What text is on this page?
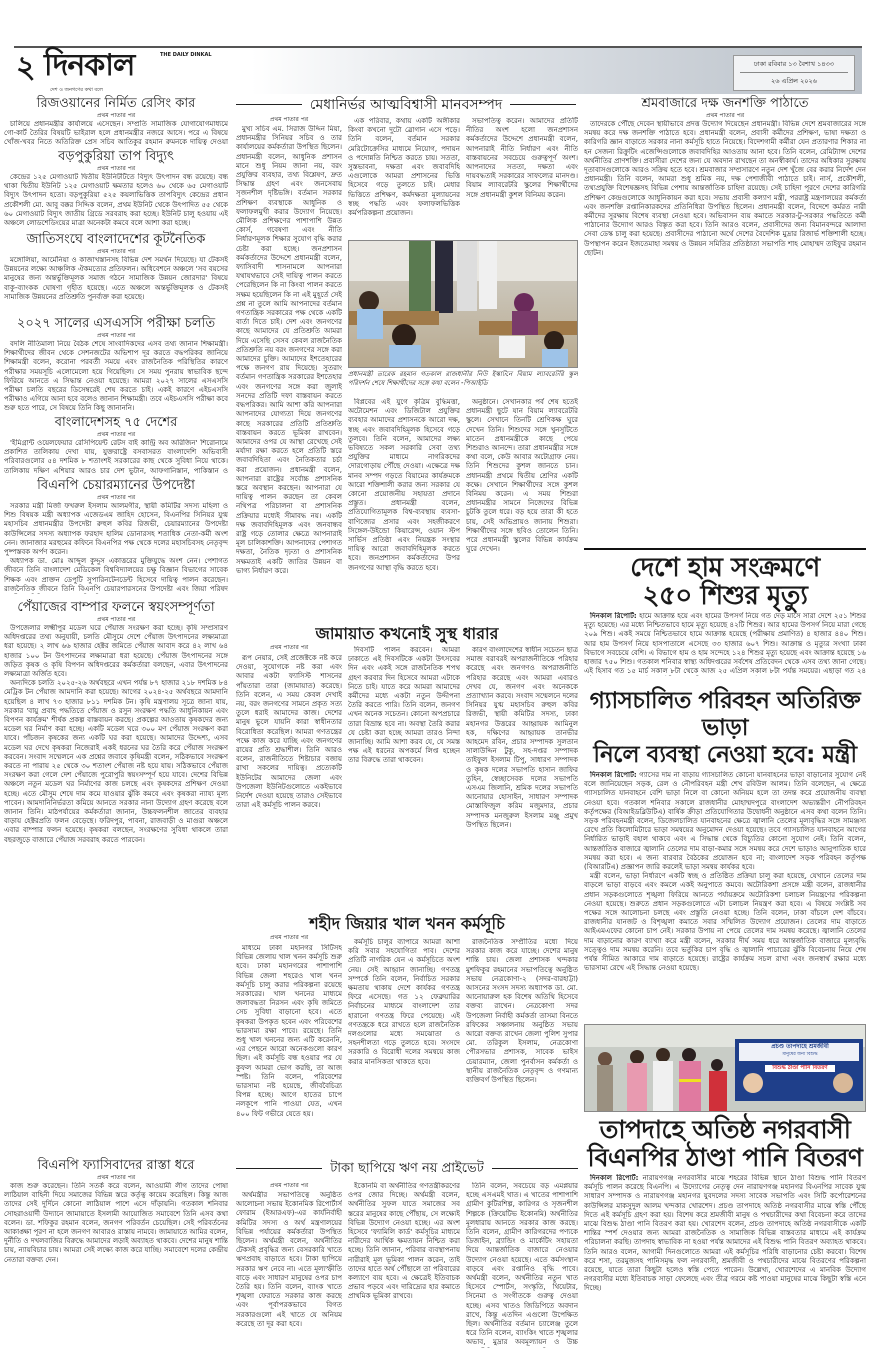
২ দিনকাল	THE DAILY DINKAL
দেশ ও জনগণের কথা বলে
ঢাকা রবিবার ১৩ বৈশাখ ১৪৩৩
২৬ এপ্রিল ২০২৬
রিজওয়ানের নির্মিত রেসিং কার
প্রথম পাতার পর

চালিয়ে প্রধানমন্ত্রীর কার্যালয়ে এসেছেন। সম্প্রতি সামাজিক যোগাযোগমাধ্যমে গো-কার্ট তৈরির বিষয়টি ভাইরাল হলে প্রধানমন্ত্রীর নজরে আসে। পরে এ বিষয়ে খোঁজ-খবর নিতে অতিরিক্ত প্রেস সচিব আতিকুর রহমান রুমনকে দায়িত্ব দেওয়া

বড়পুকুরিয়া তাপ বিদ্যুৎ
প্রথম পাতার পর

কেন্দ্রের ১২৫ মেগাওয়াট দ্বিতীয় ইউনিটটিতে বিদ্যুৎ উৎপাদন বন্ধ রয়েছে। বন্ধ থাকা দ্বিতীয় ইউনিট ১২৫ মেগাওয়াট ক্ষমতার হলেও ৬০ থেকে ৬৫ মেগাওয়াট বিদ্যুৎ উৎপাদন হতো। বড়পুকুরিয়া ৫২৫ কয়লাভিত্তিক তাপবিদ্যুৎ কেন্দ্রের প্রধান প্রকৌশলী মো. আবু বক্কর সিদ্দিক বলেন, প্রথম ইউনিট থেকে উৎপাদিত ৫৫ থেকে ৬০ মেগাওয়াট বিদ্যুৎ জাতীয় গ্রিডে সরবরাহ করা হচ্ছে। ইউনিট চালু হওয়ায় এই অঞ্চলে লোডশেডিংয়ের মাত্রা অনেকটা কমবে বলে আশা করা হচ্ছে।

জাতিসংঘে বাংলাদেশের কূটনৈতিক
প্রথম পাতার পর

মঙ্গোলিয়া, আর্মেনিয়া ও কাজাখস্তানসহ বিভিন্ন দেশ সমর্থন দিয়েছে। যা টেকসই উন্নয়নের লক্ষ্যে আঞ্চলিক ঐকমত্যের প্রতিফলন। অধিবেশনে অঞ্চলে 'সব বয়সের মানুষের জন্য অন্তর্ভুক্তিমূলক সমাজ গঠনে সামাজিক উন্নয়ন জোরদার' বিষয়ে বাকু-ব্যাংকক ঘোষণা গৃহীত হয়েছে। এতে অঞ্চলে অন্তর্ভুক্তিমূলক ও টেকসই সামাজিক উন্নয়নের প্রতিশ্রুতি পুনর্ব্যক্ত করা হয়েছে।

২০২৭ সালের এসএসসি পরীক্ষা চলতি
প্রথম পাতার পর

বদলি নীতিমালা নিয়ে বৈঠক শেষে সাংবাদিকদের এসব তথ্য জানান শিক্ষামন্ত্রী। শিক্ষার্থীদের জীবন থেকে সেশনজটের অভিশাপ দূর করতে বদ্ধপরিকর জানিয়ে শিক্ষামন্ত্রী বলেন, করোনা পরবর্তী সময়ে এবং রাজনৈতিক পরিস্থিতির কারণে পরীক্ষার সময়সূচি এলোমেলো হয়ে গিয়েছিল। সে সময় পুনরায় স্বাভাবিক ছন্দে ফিরিয়ে আনতে এ সিদ্ধান্ত নেওয়া হয়েছে। আমরা ২০২৭ সালের এসএসসি পরীক্ষা চলতি বছরের ডিসেম্বরেই শেষ করতে চাই। একই কারণে এইচএসসি পরীক্ষাও এগিয়ে আনা হবে বলেও জানান শিক্ষামন্ত্রী। তবে এইচএসসি পরীক্ষা কবে শুরু হতে পারে, সে বিষয়ে তিনি কিছু জানাননি।

বাংলাদেশসহ ৭৫ দেশের
প্রথম পাতার পর

'ইমিগ্রান্ট ওয়েলফেয়ার রেসিপিয়েন্ট রেটস বাই কান্ট্রি অব অরিজিন' শিরোনামে প্রকাশিত তালিকায় দেখা যায়, যুক্তরাষ্ট্রে বসবাসরত বাংলাদেশি অভিবাসী পরিবারগুলোর ৫৪ দশমিক ৮ শতাংশই সরকারের কাছ থেকে সুবিধা নিয়ে থাকে। তালিকায় দক্ষিণ এশিয়ার আরও চার দেশ ভুটান, আফগানিস্তান, পাকিস্তান ও

বিএনপি চেয়ারম্যানের উপদেষ্টা
প্রথম পাতার পর

সরকার মন্ত্রী মির্জা ফখরুল ইসলাম আলমগীর, স্থায়ী কমিটির সদস্য মহিলা ও শিশু বিষয়ক মন্ত্রী অধ্যাপক এজেডএম জাহিদ হোসেন, বিএনপির সিনিয়র যুগ্ম মহাসচিব প্রধানমন্ত্রীর উপদেষ্টা রুহুল কবির রিজভী, চেয়ারম্যানের উপদেষ্টা কাউন্সিলের সদস্য অধ্যাপক ফরহাদ হালিম ডোনারসহ শতাধিক নেতা-কর্মী অংশ নেন। জানাজার মরহুমের কফিনে বিএনপির পক্ষ থেকে দলের মহাসচিবসহ নেতৃবৃন্দ পুষ্পস্তবক অর্পণ করেন।

অধ্যাপক ডা. মোঃ আব্দুল কুদ্দুস একাত্তরের মুক্তিযুদ্ধে অংশ নেন। পেশাগত জীবনে তিনি বাংলাদেশ মেডিকেল বিশ্ববিদ্যালয়ের চক্ষু বিজ্ঞান বিভাগের সাবেক শিক্ষক এবং প্রাক্তন ডেপুটি সুপারিনটেনডেন্ট হিসেবে দায়িত্ব পালন করেছেন। রাজনৈতিক জীবনে তিনি বিএনপি চেয়ারপারসনের উপদেষ্টা এবং জিয়া পরিষদ

পেঁয়াজের বাম্পার ফলনে স্বয়ংসম্পূর্ণতা
প্রথম পাতার পর

উপজেলার লক্ষ্মীপুর মডেল ঘরে পেঁয়াজ সংরক্ষণ করা হচ্ছে। কৃষি সম্প্রসারণ অধিদপ্তরের তথ্য অনুযায়ী, চলতি মৌসুমে দেশে পেঁয়াজ উৎপাদনের লক্ষ্যমাত্রা ধরা হয়েছে। ২ লাখ ৬৬ হাজার হেক্টর জমিতে পেঁয়াজ আবাদ করে ৪২ লাখ ৬৪ হাজার ১০০ টন উৎপাদনের লক্ষ্যমাত্রা ধরা হয়েছে। পেঁয়াজ উৎপাদনের সঙ্গে জড়িত কৃষক ও কৃষি বিপণন অধিদপ্তরের কর্মকর্তারা বলছেন, এবার উৎপাদনের লক্ষ্যমাত্রা অর্জিত হবে।

অন্যদিকে চলতি ২০২৫-২৬ অর্থবছরে এখন পর্যন্ত ৮৭ হাজার ২১৮ দশমিক ৮৪ মেট্রিক টন পেঁয়াজ আমদানি করা হয়েছে। আগের ২০২৪-২৫ অর্থবছরে আমদানি হয়েছিল ৪ লাখ ৭৩ হাজার ৮১১ দশমিক টন। কৃষি মন্ত্রণালয় সূত্রে জানা যায়, সরকার 'বায়ু প্রবাহ পদ্ধতিতে পেঁয়াজ ও রসুন সংরক্ষণ পদ্ধতি আধুনিকায়ন এবং বিপণন কার্যক্রম' শীর্ষক প্রকল্প বাস্তবায়ন করছে। প্রকল্পের আওতায় কৃষকদের জন্য মডেল ঘর নির্মাণ করা হচ্ছে। একটি মডেল ঘরে ৩০০ মণ পেঁয়াজ সংরক্ষণ করা যাবে। পাঁচজন কৃষকের জন্য একটি ঘর করা হয়েছে। আমাদের উদ্দেশ্য, এসব মডেল ঘর দেখে কৃষকরা নিজেরাই একই ধরনের ঘর তৈরি করে পেঁয়াজ সংরক্ষণ করবেন। সংবাদ সম্মেলনে এক প্রশ্নের জবাবে কৃষিমন্ত্রী বলেন, সঠিকভাবে সংরক্ষণ করতে না পারায় ২৫ থেকে ৩০ শতাংশ পেঁয়াজ নষ্ট হয়ে যায়। সঠিকভাবে পেঁয়াজ সংরক্ষণ করা গেলে দেশ পেঁয়াজে পুরোপুরি স্বয়ংসম্পূর্ণ হয়ে যাবে। দেশের বিভিন্ন অঞ্চলে নতুন মডেল ঘর নির্মাণের কাজ চলছে এবং কৃষকদের প্রশিক্ষণ দেওয়া হচ্ছে। এতে মৌসুম শেষে দাম কমে যাওয়ার ঝুঁকি কমবে এবং কৃষকরা ন্যায্য মূল্য পাবেন। আমদানিনির্ভরতা কমিয়ে আনতে সরকার নানা উদ্যোগ গ্রহণ করেছে বলে জানান তিনি। মাঠপর্যায়ের কর্মকর্তারা জানান, উচ্চফলনশীল জাতের ব্যবহার বাড়ায় হেক্টরপ্রতি ফলন বেড়েছে। ফরিদপুর, পাবনা, রাজবাড়ী ও মাগুরা অঞ্চলে এবার বাম্পার ফলন হয়েছে। কৃষকরা বলছেন, সংরক্ষণের সুবিধা থাকলে তারা বছরজুড়ে বাজারে পেঁয়াজ সরবরাহ করতে পারবেন।

বিএনপি ফ্যাসিবাদের রাস্তা ধরে
প্রথম পাতার পর

কাজ শুরু করেছেন। তিনি সতর্ক করে বলেন, আওয়ামী লীগ তাদের পোষা লাঠিয়াল বাহিনী দিয়ে সমাজের বিভিন্ন স্তরে কর্তৃত্ব কায়েম করেছিল। কিন্তু আজ তাদের সেই দুর্দিনে কোনো লাঠিয়াল পাশে এসে দাঁড়ায়নি। গতকাল শনিবার সোহরাওয়ার্দী উদ্যানে জামায়াতে ইসলামী আয়োজিত সমাবেশে তিনি এসব কথা বলেন। ডা. শফিকুর রহমান বলেন, জনগণ পরিবর্তন চেয়েছিল। সেই পরিবর্তনের আকাঙ্ক্ষা পূরণ না হলে জনগণ আবারও রাস্তায় নামবে। জামায়াতে আমির বলেন, দুর্নীতি ও দখলবাজির বিরুদ্ধে আমাদের লড়াই অব্যাহত থাকবে। দেশের মানুষ শান্তি চায়, ন্যায়বিচার চায়। আমরা সেই লক্ষ্যে কাজ করে যাচ্ছি। সমাবেশে দলের কেন্দ্রীয় নেতারা বক্তব্য দেন।

মেধানির্ভর আত্মবিশ্বাসী মানবসম্পদ
প্রথম পাতার পর

মুখ্য সচিব এম. সিরাজ উদ্দিন মিয়া, প্রধানমন্ত্রীর সিনিয়র সচিব ও তার কার্যালয়ের কর্মকর্তারা উপস্থিত ছিলেন। প্রধানমন্ত্রী বলেন, আধুনিক প্রশাসন মানে শুধু নিয়ম জানা নয়, বরং প্রযুক্তির ব্যবহার, তথ্য বিশ্লেষণ, দ্রুত সিদ্ধান্ত গ্রহণ এবং জনসেবায় সৃজনশীল দৃষ্টিভঙ্গি। বর্তমান সরকার প্রশিক্ষণ ব্যবস্থাকে আধুনিক ও ফলাফলমুখী করার উদ্যোগ নিয়েছে। মৌলিক প্রশিক্ষণের পাশাপাশি উন্নত কোর্স, গবেষণা এবং নীতি নির্ধারণমূলক শিক্ষার সুযোগ বৃদ্ধি করার চেষ্টা করা হচ্ছে। জনপ্রশাসন কর্মকর্তাদের উদ্দেশে প্রধানমন্ত্রী বলেন, ফ্যাসিবাদী শাসনামলে আপনারা যথাযথভাবে সেই দায়িত্ব পালন করতে পেরেছিলেন কি না কিংবা পালন করতে সক্ষম হয়েছিলেন কি না এই মুহূর্তে সেই প্রশ্ন না তুলে আমি আপনাদের বর্তমান গণতান্ত্রিক সরকারের পক্ষ থেকে একটি বার্তা দিতে চাই। দেশ এবং জনগণের কাছে আমাদের যে প্রতিশ্রুতি আমরা দিয়ে এসেছি সেসব কেবল রাজনৈতিক প্রতিশ্রুতি নয় বরং জনগণের সঙ্গে করা আমাদের চুক্তি। আমাদের ইশতেহারের পক্ষে জনগণ রায় দিয়েছে। সুতরাং বর্তমান গণতান্ত্রিক সরকারের ইশতেহার এবং জনগণের সঙ্গে করা জুলাই সনদের প্রতিটি দফা বাস্তবায়ন করতে বদ্ধপরিকর। আমি আশা করি আপনারা আপনাদের যোগ্যতা দিয়ে জনগণের কাছে সরকারের প্রতিটি প্রতিশ্রুতি বাস্তবায়ন করতে ভূমিকা রাখবেন। আমাদের ওপর যে আস্থা রেখেছে সেই মর্যাদা রক্ষা করতে হলে প্রতিটি স্তরে জবাবদিহিতা এবং নৈতিকতার চর্চা করা প্রয়োজন। প্রধানমন্ত্রী বলেন, আপনারা রাষ্ট্রের সর্বোচ্চ প্রশাসনিক স্তরে অবস্থান করছেন। আপনারা যে দায়িত্ব পালন করছেন তা কেবল নথিপত্র পরিচালনা বা প্রশাসনিক প্রক্রিয়ার মধ্যেই সীমাবদ্ধ নয়। একটি দক্ষ জবাবদিহিমূলক এবং জনবান্ধব রাষ্ট্র গড়ে তোলার ক্ষেত্রে আপনারাই মূল চালিকাশক্তি। আপনাদের পেশাগত দক্ষতা, নৈতিক দৃঢ়তা ও প্রশাসনিক সক্ষমতাই একটি জাতির উন্নয়ন বা ভাগ্য নির্ধারণ করে।

এক পরিবার, কথায় একটি অঙ্গীকার কিংবা কখনো দুটো স্লোগান এসে পড়ে। তিনি বলেন, বর্তমান সরকার মেরিটোক্রেসির মাধ্যমে নিয়োগ, পদায়ন ও পদোন্নতি নিশ্চিত করতে চায়। সততা, সুস্তভাবনা, দক্ষতা এবং জবাবদিহি এগুলোকে আমরা প্রশাসনের ভিত্তি হিসেবে গড়ে তুলতে চাই। মেধার ভিত্তিতে প্রশিক্ষণ, কর্মদক্ষতা মূল্যায়নের স্বচ্ছ পদ্ধতি এবং ফলাফলভিত্তিক কর্মপরিকল্পনা প্রয়োজন।

সভাপতিত্ব করেন। আমাদের প্রতিটি নীতির অংশ হলো জনপ্রশাসন কর্মকর্তাদের উদ্দেশে প্রধানমন্ত্রী বলেন, আপনারাই নীতি নির্ধারণ এবং নীতি বাস্তবায়নের সবচেয়ে গুরুত্বপূর্ণ অংশ। আপনাদের সততা, দক্ষতা এবং দায়বদ্ধতাই সরকারের সাফল্যের মানদণ্ড। বিয়াম ল্যাবরেটরি স্কুলের শিক্ষার্থীদের সঙ্গে প্রধানমন্ত্রী কুশল বিনিময় করেন।

প্রধানমন্ত্রী তারেক রহমান গতকাল রাজধানীর নিউ ইস্কাটনে বিয়াম ল্যাবরেটরি স্কুল পরিদর্শন শেষে শিক্ষার্থীদের সঙ্গে কথা বলেন -পিআইডি

বিপ্লবের এই যুগে কৃত্রিম বুদ্ধিমত্তা, অটোমেশন এবং ডিজিটাল প্রযুক্তির ব্যবহার আমাদের প্রশাসনকে আরো দক্ষ, স্বচ্ছ এবং জবাবদিহিমূলক হিসেবে গড়ে তুলবে। তিনি বলেন, আমাদের লক্ষ্য ভবিষ্যতে সকল সরকারি সেবা তথ্য প্রযুক্তির মাধ্যমে নাগরিকদের দোরগোড়ায় পৌঁছে দেওয়া। এক্ষেত্রে দক্ষ মানব সম্পদ গড়তে বিয়ামের কার্যক্রমকে আরো শক্তিশালী করার জন্য সরকার যে কোনো প্রয়োজনীয় সহায়তা প্রদানে প্রস্তুত। প্রধানমন্ত্রী বলেন, প্রতিযোগিতামূলক বিশ্ব-ব্যবস্থায় ব্যবসা-বাণিজ্যের প্রসার এবং সহজীকরণে সিঙ্গেল-উইন্ডো কিয়ারেন্স, ওয়ান স্টপ সার্ভিস প্রতিষ্ঠা এবং নিয়ন্ত্রক সংস্থার দায়িত্ব আরো জবাবদিহিমূলক করতে হবে। জনপ্রশাসন কর্মকর্তাদের উপর জনগণের আস্থা বৃদ্ধি করতে হবে।

অনুষ্ঠানে। সেখানকার পর্ব শেষ হতেই প্রধানমন্ত্রী ছুটে যান বিয়াম ল্যাবরেটরি স্কুলে। সেখানে তিনটি শ্রেণিকক্ষ ঘুরে দেখেন তিনি। শিশুদের সঙ্গে খুনসুটিতে মাতেন প্রধানমন্ত্রীকে কাছে পেয়ে শিশুরাও আনন্দে। তারা প্রধানমন্ত্রীর সঙ্গে কথা বলে, কেউ আবার অটোগ্রাফ নেয়। তিনি শিশুদের কুশল জানতে চান। প্রধানমন্ত্রী প্রথমে দ্বিতীয় শ্রেণির একটি কক্ষে। সেখানে শিক্ষার্থীদের সঙ্গে কুশল বিনিময় করেন। এ সময় শিশুরা প্রধানমন্ত্রীর সামনে নিজেদের বিভিন্ন চুটকি তুলে ধরে। বড় হয়ে তারা কী হতে চায়, সেই অভিপ্রায়ও জানায় শিশুরা। শিক্ষার্থীদের সঙ্গে ছবিও তোলেন তিনি। পরে প্রধানমন্ত্রী স্কুলের বিভিন্ন কার্যক্রম ঘুরে দেখেন।

জামায়াত কখনোই সুস্থ ধারার
প্রথম পাতার পর

রূপ নেয়ার, সেই প্রজেক্টকে নষ্ট করে দেওয়া, সুযোগকে নষ্ট করা এবং আবার একটা ফ্যাসিস্ট শাসনের পাঁয়তারা তারা (জামায়াত) করেছে। তিনি বলেন, এ সময় কেবল দেখাই নয়, বরং জনগণের সামনে প্রকৃত সত্য তুলে ধরাই আমাদের কাজ। দেশের মানুষ ভুলে যায়নি কারা স্বাধীনতার বিরোধিতা করেছিল। আমরা গণতন্ত্রের পক্ষে কাজ করে যাচ্ছি এবং জনগণের রায়ের প্রতি শ্রদ্ধাশীল। তিনি আরও বলেন, রাজনীতিতে শিষ্টাচার বজায় রাখা সকলের দায়িত্ব। প্রত্যেকটি ইউনিটের আমাদের জেলা এবং উপজেলা ইউনিটগুলোতে একইভাবে নির্দেশ দেওয়া হয়েছে তারাও সেইভাবে তারা এই কর্মসূচি পালন করবে।

দিবসটি পালন করবেন। আমরা ঢাকাতে এই দিবসটিকে একটা উৎসবের দিন এবং একই সঙ্গে রাজনৈতিক শপথ গ্রহণ করবার দিন হিসেবে আমরা এটাকে নিতে চাই। যাতে করে আমরা আমাদের কর্মীদের মধ্যে একটা নতুন উদ্দীপনা তৈরি করতে পারি। তিনি বলেন, জনগণ এখন অনেক সচেতন। কোনো অপপ্রচারে তারা বিভ্রান্ত হবে না। অবস্থা তৈরি করার যে চেষ্টা করা হচ্ছে আমরা তারও নিন্দা জানাচ্ছি। আমি আশা করব যে, যে সমস্ত পক্ষ এই ধরনের অপকর্মে লিপ্ত হচ্ছেন তার বিরুদ্ধে তারা থাকবেন।

কারণ বাংলাদেশের স্বাধীন সচেতন ছাত্র সমাজ বরাবরই অপরাজনীতিকে পরিহার করেছে এবং জনগণও অপরাজনীতি পরিহার করেছে এবং আমরা এবারও দেখব যে, জনগণ এবং অনেককে প্রত্যাখ্যান করবে। সংবাদ সম্মেলনে দলের সিনিয়র যুগ্ম মহাসচিব রুহুল কবির রিজভী, স্থায়ী কমিটির সদস্য, ঢাকা মহানগর উত্তরের আহ্বায়ক আমিনুল হক, দক্ষিণের আহ্বায়ক তানভীর আহমেদ রবিন, প্রচার সম্পাদক সুলতান সালাউদ্দিন টুকু, সহ-দপ্তর সম্পাদক তাইফুল ইসলাম টিপু, সাধারণ সম্পাদক ও কৃষক দলের সভাপতি হাসান জাফির তুহিন, স্বেচ্ছাসেবক দলের সভাপতি এসএম জিলানি, শ্রমিক দলের সভাপতি আনোয়ার হোসাইন, সাধারণ সম্পাদক মোস্তাফিজুল করিম মজুমদার, প্রচার সম্পাদক মনজুরুল ইসলাম মঞ্জু প্রমুখ উপস্থিত ছিলেন।

শহীদ জিয়ার খাল খনন কর্মসূচি
প্রথম পাতার পর

মাধ্যমে ঢাকা মহানগর সিটিসহ বিভিন্ন জেলায় খাল খনন কর্মসূচি শুরু হবে। ঢাকা মহানগরের পাশাপাশি বিভিন্ন জেলা শহরেও খাল খনন কর্মসূচি চালু করার পরিকল্পনা রয়েছে সরকারের। খাল খননের মাধ্যমে জলাবদ্ধতা নিরসন এবং কৃষি জমিতে সেচ সুবিধা বাড়ানো হবে। এতে কৃষকরা উপকৃত হবেন এবং পরিবেশের ভারসাম্য রক্ষা পাবে। রয়েছে। তিনি শুধু খাল খননের জন্য এটি করেননি, এর পেছনে আরো অনেকগুলো কারণ ছিল। এই কর্মসূচি বন্ধ হওয়ার পর যে কুফল আমরা ভোগ করছি, তা আজ স্পষ্ট। তিনি বলেন, পরিবেশের ভারসাম্য নষ্ট হয়েছে, জীববৈচিত্র্য বিপন্ন হচ্ছে। আগে হাতের চাপে নলকূপে পানি পাওয়া যেত, এখন ৪০০ ফিট গভীরে যেতে হয়।

কর্মসূচি চালুর ব্যাপারে আমরা আশা করি সবার সহযোগিতা পাব। দেশের প্রতিটি নাগরিক যেন এ কর্মসূচিতে অংশ নেয়। সেই আহ্বান জানাচ্ছি। গণতন্ত্র সম্পর্কে তিনি বলেন, নির্বাচিত সরকার ক্ষমতায় থাকায় দেশে কার্যকর গণতন্ত্র ফিরে এসেছে। গত ১২ ফেব্রুয়ারির নির্বাচনের মাধ্যমে বাংলাদেশ তার হারানো গণতন্ত্র ফিরে পেয়েছে। এই গণতন্ত্রকে ধরে রাখতে হলে রাজনৈতিক দলগুলোর মধ্যে সমঝোতা ও সহনশীলতা গড়ে তুলতে হবে। সংসদে সরকারি ও বিরোধী দলের সমন্বয়ে কাজ করার মানসিকতা থাকতে হবে।

রাজনৈতিক সম্প্রীতির মধ্যে দিয়ে সরকার কাজ করে যাচ্ছে। দেশের মানুষ শান্তি চায়। জেলা প্রশাসক খন্দকার মুশফিকুর রহমানের সভাপতিত্বে অনুষ্ঠিত সভায় নেত্রকোণা-২ (সদর-বারহাট্টা) আসনের সংসদ সদস্য অধ্যাপক ডা. মো. আনোয়ারুল হক বিশেষ অতিথি হিসেবে বক্তব্য রাখেন। নেত্রকোণা সদর উপজেলা নির্বাহী কর্মকর্তা তাসমা বিনতে রফিকের সঞ্চালনায় অনুষ্ঠিত সভায় আরো বক্তব্য রাখেন জেলা পুলিশ সুপার মো. তরিকুল ইসলাম, নেত্রকোণা পৌরসভার প্রশাসক, সাবেক ভাইস চেয়ারম্যান, জেলা পুনর্বাসন কর্মকর্তা ও স্থানীয় রাজনৈতিক নেতৃবৃন্দ ও গণমান্য ব্যক্তিবর্গ উপস্থিত ছিলেন।

টাকা ছাপিয়ে ঋণ নয় প্রাইভেট
প্রথম পাতার পর

অর্থমন্ত্রীর সভাপতিত্বে অনুষ্ঠিত আলোচনা সভায় ইকোনমিক রিপোর্টার্স ফোরাম (ইআরএফ)-এর কার্যনির্বাহী কমিটির সদস্য ও অর্থ মন্ত্রণালয়ের বিভিন্ন পর্যায়ের কর্মকর্তারা উপস্থিত ছিলেন। অর্থমন্ত্রী বলেন, অর্থনীতির টেকসই প্রবৃদ্ধির জন্য বেসরকারি খাতে ঋণপ্রবাহ বাড়াতে হবে। টাকা ছাপিয়ে সরকার ঋণ নেবে না। এতে মূল্যস্ফীতি বাড়ে এবং সাধারণ মানুষের ওপর চাপ তৈরি হয়। তিনি বলেন, ব্যাংক খাতে শৃঙ্খলা ফেরাতে সরকার কাজ করছে এবং পূর্বাপরকভাবে বিগত সরকারগুলো এই খাতে যে অনিয়ম করেছে তা দূর করা হবে।

ইকোনমি বা অর্থনীতির গণতন্ত্রীকরণের ওপর জোর দিচ্ছে। অর্থমন্ত্রী বলেন, অর্থনীতির সুফল যাতে সমাজের সব স্তরের মানুষের কাছে পৌঁছায়, সে লক্ষ্যেই বিভিন্ন উদ্যোগ নেওয়া হচ্ছে। এর অংশ হিসেবে 'ফ্যামিলি কার্ড' কর্মসূচির মাধ্যমে নারীদের আর্থিক ক্ষমতায়ন নিশ্চিত করা হচ্ছে। তিনি জানান, পরিবার ব্যবস্থাপনায় নারীরাই মূল ভূমিকা পালন করেন, তাই তাদের হাতে অর্থ পৌঁছালে তা পরিবারের কল্যাণে ব্যয় হবে। এ ক্ষেত্রেই ইতিবাচক প্রভাব পড়বে এবং দারিদ্র্যের হার কমাতে প্রাথমিক ভূমিকা রাখবে।

তিনি বলেন, সবচেয়ে বড় এমপ্লয়ার হচ্ছে এসএমই খাত। এ খাতের পাশাপাশি গ্রামীণ কুটিরশিল্প, কারিগর ও সৃজনশীল শিল্পকে (ক্রিয়েটিভ ইকোনমি) অর্থনীতির মূলধারায় আনতে সরকার কাজ করছে। তিনি বলেন, গ্রামীণ কারিগরদের পণ্যকে ডিজাইন, ব্র্যান্ডিং ও মার্কেটিং সহায়তা দিয়ে আন্তর্জাতিক বাজারে নেওয়ার উদ্যোগ নেওয়া হয়েছে। এতে কর্মসংস্থান বাড়বে এবং রপ্তানিও বৃদ্ধি পাবে। অর্থমন্ত্রী বলেন, অর্থনীতির নতুন খাত হিসেবে স্পোর্টস, সংস্কৃতি, থিয়েটার, সিনেমা ও সংগীতকে গুরুত্ব দেওয়া হচ্ছে। এসব খাতও জিডিপিতে অবদান রাখে, কিন্তু এতদিন এগুলো উপেক্ষিত ছিল। অর্থনীতির বর্তমান চ্যালেঞ্জ তুলে ধরে তিনি বলেন, ব্যাংকিং খাতে শৃঙ্খলার অভাব, মুদ্রার অবমূল্যায়ন ও উচ্চ

শ্রমবাজারে দক্ষ জনশক্তি পাঠাতে
প্রথম পাতার পর

তাদেরকে পৌঁছে দেবেন স্থায়ীভাবে প্রদত্ত উদ্যোগ দিয়েছেন প্রধানমন্ত্রী। বিভিন্ন দেশে শ্রমবাজারের সঙ্গে সমন্বয় করে দক্ষ জনশক্তি পাঠাতে হবে। প্রধানমন্ত্রী বলেন, প্রবাসী কর্মীদের প্রশিক্ষণ, ভাষা দক্ষতা ও কারিগরি জ্ঞান বাড়াতে সরকার নানা কর্মসূচি হাতে নিয়েছে। বিদেশগামী কর্মীরা যেন প্রতারণার শিকার না হন সেজন্য রিক্রুটিং এজেন্সিগুলোকে জবাবদিহির আওতায় আনা হবে। তিনি বলেন, রেমিট্যান্স দেশের অর্থনীতির প্রাণশক্তি। প্রবাসীরা দেশের জন্য যে অবদান রাখছেন তা অনস্বীকার্য। তাদের অধিকার সুরক্ষায় দূতাবাসগুলোকে আরও সক্রিয় হতে হবে। শ্রমবাজার সম্প্রসারণে নতুন দেশ খুঁজে বের করার নির্দেশ দেন প্রধানমন্ত্রী। তিনি বলেন, আমরা শুধু শ্রমিক নয়, দক্ষ পেশাজীবী পাঠাতে চাই। নার্স, প্রকৌশলী, তথ্যপ্রযুক্তি বিশেষজ্ঞসহ বিভিন্ন পেশায় আন্তর্জাতিক চাহিদা রয়েছে। সেই চাহিদা পূরণে দেশের কারিগরি প্রশিক্ষণ কেন্দ্রগুলোকে আধুনিকায়ন করা হবে। সভায় প্রবাসী কল্যাণ মন্ত্রী, পররাষ্ট্র মন্ত্রণালয়ের কর্মকর্তা এবং জনশক্তি রপ্তানিকারকদের প্রতিনিধিরা উপস্থিত ছিলেন। প্রধানমন্ত্রী বলেন, বিদেশে কর্মরত নারী কর্মীদের সুরক্ষায় বিশেষ ব্যবস্থা নেওয়া হবে। অভিবাসন ব্যয় কমাতে সরকার-টু-সরকার পদ্ধতিতে কর্মী পাঠানোর উদ্যোগ আরও বিস্তৃত করা হবে। তিনি আরও বলেন, প্রবাসীদের জন্য বিমানবন্দরে আলাদা সেবা ডেস্ক চালু করা হয়েছে। প্রবাসীদের পাঠানো অর্থে দেশের বৈদেশিক মুদ্রার রিজার্ভ শক্তিশালী হচ্ছে। উপস্থাপন করেন ইজতেমাহা সমন্বয় ও উন্নয়ন সমিতির প্রতিষ্ঠাতা সভাপতি শাহ মোহাম্মদ তাইফুর রহমান ছোটন।

দেশে হাম সংক্রমণে
২৫০ শিশুর মৃত্যু

দিনকাল রিপোর্ট: হামে আক্রান্ত হয়ে এবং হামের উপসর্গ নিয়ে গত দেড় মাসে সারা দেশে ২৫১ শিশুর মৃত্যু হয়েছে। এর মধ্যে নিশ্চিতভাবে হামে মৃত্যু হয়েছে ৪২টি শিশুর। আর হামের উপসর্গ নিয়ে মারা গেছে ২০৯ শিশু। একই সময়ে নিশ্চিতভাবে হামে আক্রান্ত হয়েছে (পরীক্ষায় প্রমাণিত) ৪ হাজার ৪৪০ শিশু। আর হাম উপসর্গ নিয়ে হাসপাতালে এসেছে ৩৩ হাজার ৬০৭ শিশু। আক্রান্ত ও মৃত্যুর সংখ্যা ঢাকা বিভাগে সবচেয়ে বেশি। এ বিভাগে হাম ও হাম সন্দেহে ১২৪ শিশুর মৃত্যু হয়েছে এবং আক্রান্ত হয়েছে ১৬ হাজার ৭৫০ শিশু। গতকাল শনিবার স্বাস্থ্য অধিদপ্তরের সর্বশেষ প্রতিবেদন থেকে এসব তথ্য জানা গেছে। এই হিসাব গত ১৫ মার্চ সকাল ৮টা থেকে আজ ২৫ এপ্রিল সকাল ৮টা পর্যন্ত সময়ের। এছাড়া গত ২৪

গ্যাসচালিত পরিবহন অতিরিক্ত ভাড়া
নিলে ব্যবস্থা নেওয়া হবে: মন্ত্রী

দিনকাল রিপোর্ট: গ্যাসের দাম না বাড়ায় গ্যাসচালিত কোনো যানবাহনের ভাড়া বাড়ানোর সুযোগ নেই বলে জানিয়েছেন সড়ক, রেল ও নৌপরিবহন মন্ত্রী শেখ রবিউল আলম। তিনি বলেছেন, এ ক্ষেত্রে গ্যাসচালিত যানবাহনে বেশি ভাড়া নিলে বা কোনো অনিয়ম হলে তা তদন্ত করে প্রয়োজনীয় ব্যবস্থা নেওয়া হবে। গতকাল শনিবার সকালে রাজধানীর মোহাম্মদপুরে বাংলাদেশ অভ্যন্তরীণ নৌপরিবহন কর্তৃপক্ষের (বিআইডব্লিউটিএ) বার্ষিক ক্রীড়া প্রতিযোগিতার উদ্বোধনী অনুষ্ঠানে এসব কথা বলেন তিনি। সড়ক পরিবহনমন্ত্রী বলেন, ডিজেলচালিত যানবাহনের ক্ষেত্রে জ্বালানি তেলের মূল্যবৃদ্ধির সঙ্গে সামঞ্জস্য রেখে প্রতি কিলোমিটারে ভাড়া সমন্বয়ের অনুমোদন দেওয়া হয়েছে। তবে গ্যাসচালিত যানবাহনে আগের নির্ধারিত ভাড়াই বহাল থাকবে এবং এ সিদ্ধান্ত থেকে বিচ্যুতির কোনো সুযোগ নেই। তিনি বলেন, আন্তর্জাতিক বাজারে জ্বালানি তেলের দাম বাড়া-কমার সঙ্গে সমন্বয় করে দেশে ভাড়াও আনুপাতিক হারে সমন্বয় করা হবে। এ জন্য বারবার বৈঠকের প্রয়োজন হবে না; বাংলাদেশ সড়ক পরিবহন কর্তৃপক্ষ (বিআরটিএ) প্রজ্ঞাপন জারি করলেই ভাড়া সমন্বয় কার্যকর হবে।

মন্ত্রী বলেন, ভাড়া নির্ধারণে একটি স্বচ্ছ ও প্রতিষ্ঠিত প্রক্রিয়া চালু করা হয়েছে, যেখানে তেলের দাম বাড়লে ভাড়া বাড়বে এবং কমলে একই অনুপাতে কমবে। অটোরিকশা প্রসঙ্গে মন্ত্রী বলেন, রাজধানীর প্রধান সড়কগুলোতে শৃঙ্খলা ফিরিয়ে আনতে পর্যায়ক্রমে অটোরিকশা চলাচল নিয়ন্ত্রণের পরিকল্পনা নেওয়া হয়েছে। শুরুতে প্রধান সড়কগুলোতে এটা চলাচল নিয়ন্ত্রণ করা হবে। এ বিষয়ে সংশ্লিষ্ট সব পক্ষের সঙ্গে আলোচনা চলছে এবং প্রস্তুতি নেওয়া হচ্ছে। তিনি বলেন, ঢাকা বাঁচলে দেশ বাঁচবে। রাজধানীর যানজট ও বিশৃঙ্খলা কমাতে সবার সম্মিলিত উদ্যোগ প্রয়োজন। তেলের দাম বাড়াতে আইএমএফের কোনো চাপ নেই। সরকার উপায় না পেয়ে তেলের দাম সমন্বয় করেছে। জ্বালানি তেলের দাম বাড়ানোর কারণ ব্যাখ্যা করে মন্ত্রী বলেন, সরকার দীর্ঘ সময় ধরে আন্তর্জাতিক বাজারে মূল্যবৃদ্ধি সত্ত্বেও দাম সমন্বয় করেনি। তবে ভর্তুকির চাপ বৃদ্ধি ও জ্বালানি পাচারের ঝুঁকি বিবেচনায় নিয়ে শেষ পর্যন্ত সীমিত আকারে দাম বাড়াতে হয়েছে। রাষ্ট্রের কার্যক্রম সচল রাখা এবং জনস্বার্থ রক্ষার মধ্যে ভারসাম্য রেখে এই সিদ্ধান্ত নেওয়া হয়েছে।

প্রচণ্ড তাপদাহে শ্রমজীবী
মানুষের জন্য বিশুদ্ধ
বিশুদ্ধ ঠাণ্ডা পানি বিতরণ
তাপদাহে অতিষ্ঠ নগরবাসী
বিএনপির ঠাণ্ডা পানি বিতরণ

দিনকাল রিপোর্ট: নারায়ণগঞ্জ নগরবাসীর মাঝে শহরের বিভিন্ন স্থানে ঠাণ্ডা বিশুদ্ধ পানি বিতরণ কর্মসূচি পালন করেছে বিএনপি। এ উদ্যোগের নেতৃত্ব দেন নারায়ণগঞ্জ মহানগর বিএনপির সাবেক যুগ্ম সাধারণ সম্পাদক ও নারায়ণগঞ্জ মহানগর যুবদলের সদস্য সাবেক সভাপতি এবং সিটি কর্পোরেশনের কাউন্সিলর মাকসুদুল আলম খন্দকার খোরশেদ। প্রচণ্ড তাপদাহে অতিষ্ঠ নগরবাসীর মাঝে স্বস্তি পৌঁছে দিতে এই কর্মসূচি গ্রহণ করা হয়। বিশেষ করে শ্রমজীবী মানুষ ও পথচারীদের কথা বিবেচনা করে তাদের মাঝে বিশুদ্ধ ঠাণ্ডা পানি বিতরণ করা হয়। খোরশেদ বলেন, প্রচণ্ড তাপদাহে অতিষ্ঠ নগরবাসীকে একটি শান্তির স্পর্শ দেওয়ার জন্য আমরা রাজনৈতিক ও সামাজিক বিভিন্ন বাস্তবতার মাধ্যমে এই কার্যক্রম পরিচালনা করছি। তাপদাহ স্বাভাবিক না হওয়া পর্যন্ত আমাদের এই বিশুদ্ধ পানি বিতরণ অব্যাহত থাকবে। তিনি আরও বলেন, আগামী দিনগুলোতে আমরা এই কর্মসূচির পরিধি বাড়ানোর চেষ্টা করবো। বিশেষ করে শসা, তরমুজসহ পানিসমৃদ্ধ ফল নগরবাসী, শ্রমজীবী ও পথচারীদের মাঝে বিতরণের পরিকল্পনা রয়েছে, যাতে তারা কিছুটা হলেও স্বস্তি পেতে পারেন। উল্লেখ্য, খোরশেদের এ মানবিক উদ্যোগ নগরবাসীর মধ্যে ইতিবাচক সাড়া ফেলেছে এবং তীব্র গরমে কষ্ট পাওয়া মানুষের মাঝে কিছুটা স্বস্তি এনে দিচ্ছে।
